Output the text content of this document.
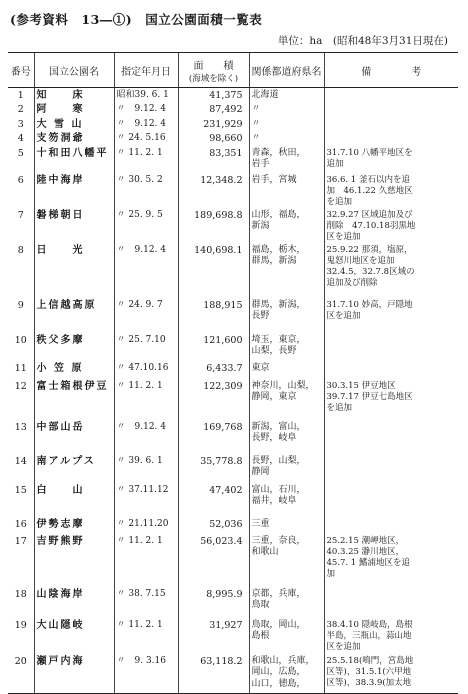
(参考資料　13―①)　国立公園面積一覧表
単位：ha　(昭和48年3月31日現在)
番号	国立公園名	指定年月日	面　　積
(海域を除く)	関係都道府県名	備　　　　考
1	知　　床	昭和39. 6. 1	41,375	北海道	
2	阿　　寒	〃　9.12. 4	87,492	〃	
3	大 雪 山	〃　9.12. 4	231,929	〃	
4	支笏洞爺	〃 24. 5.16	98,660	〃	
5	十和田八幡平	〃 11. 2. 1	83,351	青森，秋田，
岩手	31.7.10 八幡平地区を
追加
6	陸中海岸	〃 30. 5. 2	12,348.2	岩手，宮城	36.6. 1 釜石以内を追
加　46.1.22 久慈地区
を追加
7	磐梯朝日	〃 25. 9. 5	189,698.8	山形，福島，
新潟	32.9.27 区域追加及び
削除　47.10.18羽黒地
区を追加
8	日　　光	〃　9.12. 4	140,698.1	福島，栃木，
群馬，新潟	25.9.22 那須，塩原，
鬼怒川地区を追加
32.4.5，32.7.8区域の
追加及び削除
9	上信越高原	〃 24. 9. 7	188,915	群馬，新潟，
長野	31.7.10 妙高，戸隠地
区を追加
10	秩父多摩	〃 25. 7.10	121,600	埼玉，東京，
山梨，長野	
11	小 笠 原	〃 47.10.16	6,433.7	東京	
12	富士箱根伊豆	〃 11. 2. 1	122,309	神奈川，山梨，
静岡，東京	30.3.15 伊豆地区
39.7.17 伊豆七島地区
を追加
13	中部山岳	〃　9.12. 4	169,768	新潟，富山，
長野，岐阜	
14	南アルプス	〃 39. 6. 1	35,778.8	長野，山梨，
静岡	
15	白　　山	〃 37.11.12	47,402	富山，石川，
福井，岐阜	
16	伊勢志摩	〃 21.11.20	52,036	三重	
17	吉野熊野	〃 11. 2. 1	56,023.4	三重，奈良，
和歌山	25.2.15 潮岬地区，
40.3.25 瀞川地区，
45.7. 1 鰭浦地区を追
加
18	山陰海岸	〃 38. 7.15	8,995.9	京都，兵庫，
鳥取	
19	大山隠岐	〃 11. 2. 1	31,927	鳥取，岡山，
島根	38.4.10 隠岐島，島根
半島，三瓶山，蒜山地
区を追加
20	瀬戸内海	〃　9. 3.16	63,118.2	和歌山，兵庫，
岡山，広島，
山口，徳島，	25.5.18(鳴門，宮島地
区等)，31.5.1(六甲地
区等)，38.3.9(加太地
